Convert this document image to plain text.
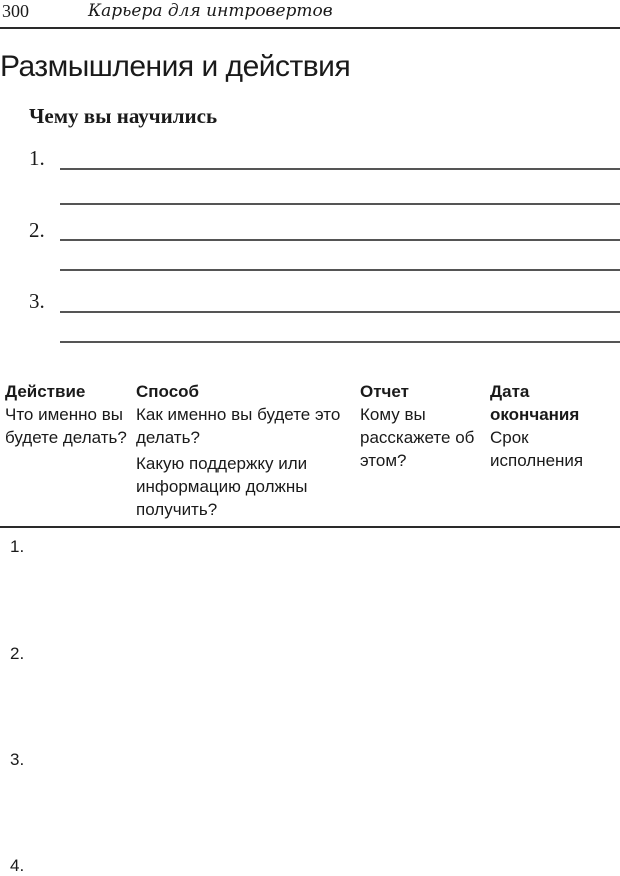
300	Карьера для интровертов
Размышления и действия
Чему вы научились
1.
2.
3.
Действие
Что именно вы будете делать?
Способ
Как именно вы будете это делать?
Какую поддержку или информацию должны получить?
Отчет
Кому вы расскажете об этом?
Дата окончания
Срок исполнения
1.
2.
3.
4.
